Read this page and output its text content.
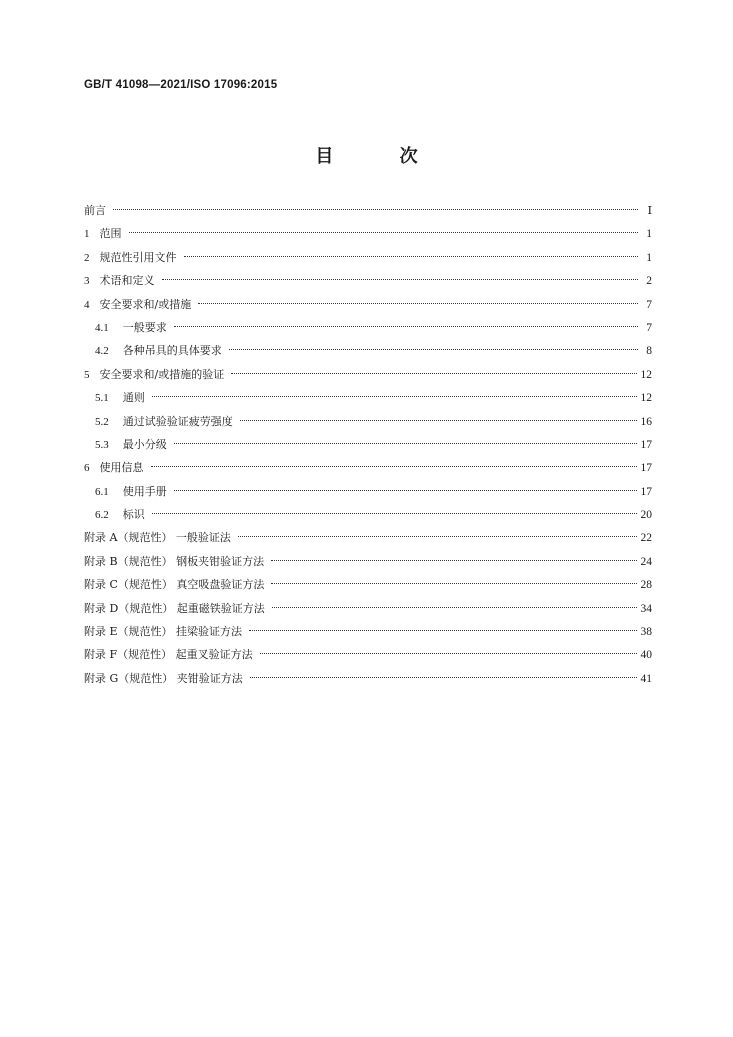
GB/T 41098—2021/ISO 17096:2015
目 次
前言	Ⅰ
1 范围	1
2 规范性引用文件	1
3 术语和定义	2
4 安全要求和/或措施	7
4.1 一般要求	7
4.2 各种吊具的具体要求	8
5 安全要求和/或措施的验证	12
5.1 通则	12
5.2 通过试验验证疲劳强度	16
5.3 最小分级	17
6 使用信息	17
6.1 使用手册	17
6.2 标识	20
附录 A（规范性） 一般验证法	22
附录 B（规范性） 钢板夹钳验证方法	24
附录 C（规范性） 真空吸盘验证方法	28
附录 D（规范性） 起重磁铁验证方法	34
附录 E（规范性） 挂梁验证方法	38
附录 F（规范性） 起重叉验证方法	40
附录 G（规范性） 夹钳验证方法	41
